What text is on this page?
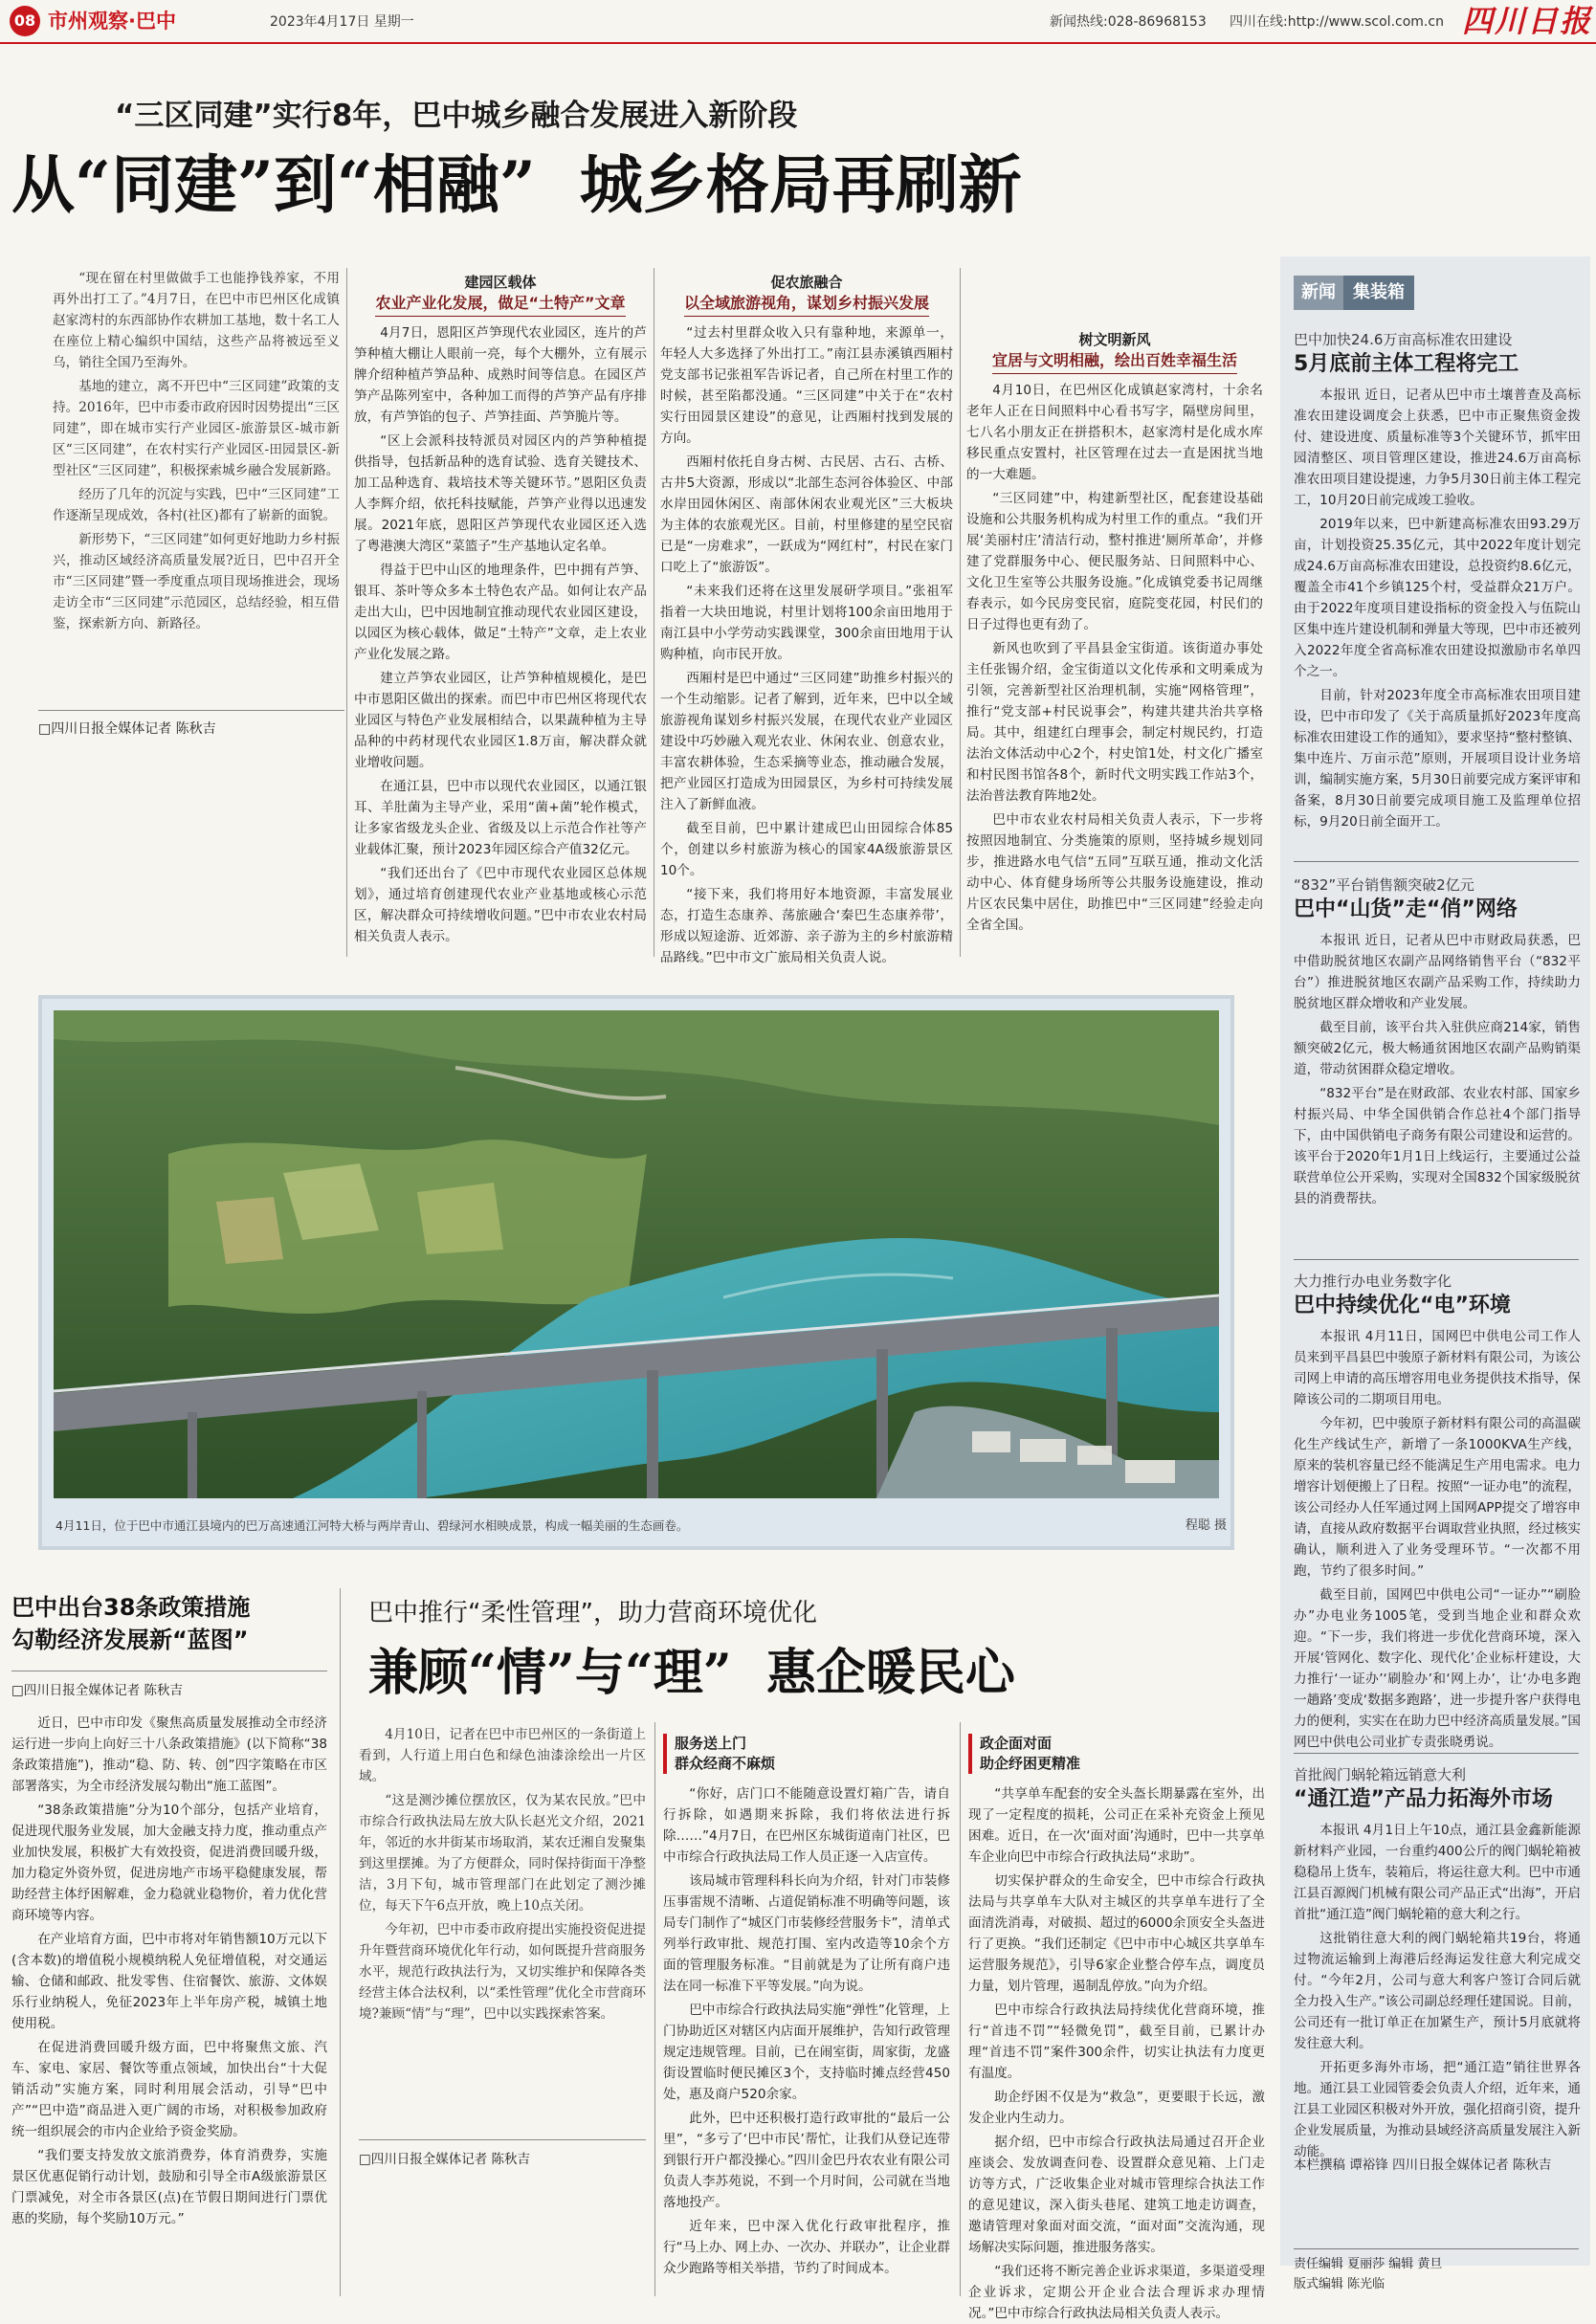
08 市州观察·巴中	2023年4月17日 星期一	新闻热线:028-86968153 四川在线:http://www.scol.com.cn 四川日报
“三区同建”实行8年，巴中城乡融合发展进入新阶段
从“同建”到“相融”  城乡格局再刷新

“现在留在村里做做手工也能挣钱养家，不用再外出打工了。”4月7日，在巴中市巴州区化成镇赵家湾村的东西部协作农耕加工基地，数十名工人在座位上精心编织中国结，这些产品将被远至义乌，销往全国乃至海外。

基地的建立，离不开巴中“三区同建”政策的支持。2016年，巴中市委市政府因时因势提出“三区同建”，即在城市实行产业园区-旅游景区-城市新区“三区同建”，在农村实行产业园区-田园景区-新型社区“三区同建”，积极探索城乡融合发展新路。

经历了几年的沉淀与实践，巴中“三区同建”工作逐渐呈现成效，各村(社区)都有了崭新的面貌。

新形势下，“三区同建”如何更好地助力乡村振兴，推动区域经济高质量发展?近日，巴中召开全市“三区同建”暨一季度重点项目现场推进会，现场走访全市“三区同建”示范园区，总结经验，相互借鉴，探索新方向、新路径。

□四川日报全媒体记者 陈秋吉
建园区载体
农业产业化发展，做足“土特产”文章

4月7日，恩阳区芦笋现代农业园区，连片的芦笋种植大棚让人眼前一亮，每个大棚外，立有展示牌介绍种植芦笋品种、成熟时间等信息。在园区芦笋产品陈列室中，各种加工而得的芦笋产品有序排放，有芦笋馅的包子、芦笋挂面、芦笋脆片等。

“区上会派科技特派员对园区内的芦笋种植提供指导，包括新品种的选育试验、选育关键技术、加工品种选育、栽培技术等关键环节。”恩阳区负责人李辉介绍，依托科技赋能，芦笋产业得以迅速发展。2021年底，恩阳区芦笋现代农业园区还入选了粤港澳大湾区“菜篮子”生产基地认定名单。

得益于巴中山区的地理条件，巴中拥有芦笋、银耳、茶叶等众多本土特色农产品。如何让农产品走出大山，巴中因地制宜推动现代农业园区建设，以园区为核心载体，做足“土特产”文章，走上农业产业化发展之路。

建立芦笋农业园区，让芦笋种植规模化，是巴中市恩阳区做出的探索。而巴中市巴州区将现代农业园区与特色产业发展相结合，以果蔬种植为主导品种的中药材现代农业园区1.8万亩，解决群众就业增收问题。

在通江县，巴中市以现代农业园区，以通江银耳、羊肚菌为主导产业，采用“菌+菌”轮作模式，让多家省级龙头企业、省级及以上示范合作社等产业载体汇聚，预计2023年园区综合产值32亿元。

“我们还出台了《巴中市现代农业园区总体规划》，通过培育创建现代农业产业基地或核心示范区，解决群众可持续增收问题。”巴中市农业农村局相关负责人表示。

促农旅融合
以全域旅游视角，谋划乡村振兴发展

“过去村里群众收入只有靠种地，来源单一，年轻人大多选择了外出打工。”南江县赤溪镇西厢村党支部书记张祖军告诉记者，自己所在村里工作的时候，甚至陷都没通。“三区同建”中关于在“农村实行田园景区建设”的意见，让西厢村找到发展的方向。

西厢村依托自身古树、古民居、古石、古桥、古井5大资源，形成以“北部生态河谷体验区、中部水岸田园休闲区、南部休闲农业观光区”三大板块为主体的农旅观光区。目前，村里修建的星空民宿已是“一房难求”，一跃成为“网红村”，村民在家门口吃上了“旅游饭”。

“未来我们还将在这里发展研学项目。”张祖军指着一大块田地说，村里计划将100余亩田地用于南江县中小学劳动实践课堂，300余亩田地用于认购种植，向市民开放。

西厢村是巴中通过“三区同建”助推乡村振兴的一个生动缩影。记者了解到，近年来，巴中以全域旅游视角谋划乡村振兴发展，在现代农业产业园区建设中巧妙融入观光农业、休闲农业、创意农业，丰富农耕体验，生态采摘等业态，推动融合发展，把产业园区打造成为田园景区，为乡村可持续发展注入了新鲜血液。

截至目前，巴中累计建成巴山田园综合体85个，创建以乡村旅游为核心的国家4A级旅游景区10个。

“接下来，我们将用好本地资源，丰富发展业态，打造生态康养、荡旅融合‘秦巴生态康养带’，形成以短途游、近郊游、亲子游为主的乡村旅游精品路线。”巴中市文广旅局相关负责人说。

树文明新风
宜居与文明相融，绘出百姓幸福生活

4月10日，在巴州区化成镇赵家湾村，十余名老年人正在日间照料中心看书写字，隔壁房间里，七八名小朋友正在拼搭积木，赵家湾村是化成水库移民重点安置村，社区管理在过去一直是困扰当地的一大难题。

“三区同建”中，构建新型社区，配套建设基础设施和公共服务机构成为村里工作的重点。“我们开展‘美丽村庄’清洁行动，整村推进‘厕所革命’，并修建了党群服务中心、便民服务站、日间照料中心、文化卫生室等公共服务设施。”化成镇党委书记周继春表示，如今民房变民宿，庭院变花园，村民们的日子过得也更有劲了。

新风也吹到了平昌县金宝街道。该街道办事处主任张锡介绍，金宝街道以文化传承和文明乘成为引领，完善新型社区治理机制，实施“网格管理”，推行“党支部+村民说事会”，构建共建共治共享格局。其中，组建红白理事会，制定村规民约，打造法治文体活动中心2个，村史馆1处，村文化广播室和村民图书馆各8个，新时代文明实践工作站3个，法治普法教育阵地2处。

巴中市农业农村局相关负责人表示，下一步将按照因地制宜、分类施策的原则，坚持城乡规划同步，推进路水电气信“五同”互联互通，推动文化活动中心、体育健身场所等公共服务设施建设，推动片区农民集中居住，助推巴中“三区同建”经验走向全省全国。

4月11日，位于巴中市通江县境内的巴万高速通江河特大桥与两岸青山、碧绿河水相映成景，构成一幅美丽的生态画卷。	程聪 摄
新闻	集装箱
巴中加快24.6万亩高标准农田建设
5月底前主体工程将完工

本报讯 近日，记者从巴中市土壤普查及高标准农田建设调度会上获悉，巴中市正聚焦资金拨付、建设进度、质量标准等3个关键环节，抓牢田园清整区、项目管理区建设，推进24.6万亩高标准农田项目建设提速，力争5月30日前主体工程完工，10月20日前完成竣工验收。

2019年以来，巴中新建高标准农田93.29万亩，计划投资25.35亿元，其中2022年度计划完成24.6万亩高标准农田建设，总投资约8.6亿元，覆盖全市41个乡镇125个村，受益群众21万户。由于2022年度项目建设指标的资金投入与伍院山区集中连片建设机制和弹量大等现，巴中市还被列入2022年度全省高标准农田建设拟激励市名单四个之一。

目前，针对2023年度全市高标准农田项目建设，巴中市印发了《关于高质量抓好2023年度高标准农田建设工作的通知》，要求坚持“整村整镇、集中连片、万亩示范”原则，开展项目设计业务培训，编制实施方案，5月30日前要完成方案评审和备案，8月30日前要完成项目施工及监理单位招标，9月20日前全面开工。

“832”平台销售额突破2亿元
巴中“山货”走“俏”网络

本报讯 近日，记者从巴中市财政局获悉，巴中借助脱贫地区农副产品网络销售平台（“832平台”）推进脱贫地区农副产品采购工作，持续助力脱贫地区群众增收和产业发展。

截至目前，该平台共入驻供应商214家，销售额突破2亿元，极大畅通贫困地区农副产品购销渠道，带动贫困群众稳定增收。

“832平台”是在财政部、农业农村部、国家乡村振兴局、中华全国供销合作总社4个部门指导下，由中国供销电子商务有限公司建设和运营的。该平台于2020年1月1日上线运行，主要通过公益联营单位公开采购，实现对全国832个国家级脱贫县的消费帮扶。

大力推行办电业务数字化
巴中持续优化“电”环境

本报讯 4月11日，国网巴中供电公司工作人员来到平昌县巴中骏原子新材料有限公司，为该公司网上申请的高压增容用电业务提供技术指导，保障该公司的二期项目用电。

今年初，巴中骏原子新材料有限公司的高温碳化生产线试生产，新增了一条1000KVA生产线，原来的装机容量已经不能满足生产用电需求。电力增容计划便搬上了日程。按照“一证办电”的流程，该公司经办人任军通过网上国网APP提交了增容申请，直接从政府数据平台调取营业执照，经过核实确认，顺利进入了业务受理环节。“一次都不用跑，节约了很多时间。”

截至目前，国网巴中供电公司“一证办”“刷脸办”办电业务1005笔，受到当地企业和群众欢迎。“下一步，我们将进一步优化营商环境，深入开展‘管网化、数字化、现代化’企业标杆建设，大力推行‘一证办’‘刷脸办’和‘网上办’，让‘办电多跑一趟路’变成‘数据多跑路’，进一步提升客户获得电力的便利，实实在在助力巴中经济高质量发展。”国网巴中供电公司业扩专责张晓勇说。

首批阀门蜗轮箱远销意大利
“通江造”产品力拓海外市场

本报讯 4月1日上午10点，通江县金鑫新能源新材料产业园，一台重约400公斤的阀门蜗轮箱被稳稳吊上货车，装箱后，将运往意大利。巴中市通江县百源阀门机械有限公司产品正式“出海”，开启首批“通江造”阀门蜗轮箱的意大利之行。

这批销往意大利的阀门蜗轮箱共19台，将通过物流运输到上海港后经海运发往意大利完成交付。“今年2月，公司与意大利客户签订合同后就全力投入生产。”该公司副总经理任建国说。目前，公司还有一批订单正在加紧生产，预计5月底就将发往意大利。

开拓更多海外市场，把“通江造”销往世界各地。通江县工业园管委会负责人介绍，近年来，通江县工业园区积极对外开放，强化招商引资，提升企业发展质量，为推动县域经济高质量发展注入新动能。

本栏撰稿 谭裕锋 四川日报全媒体记者 陈秋吉
责任编辑 夏丽莎 编辑 黄旦
版式编辑 陈光临
巴中出台38条政策措施
勾勒经济发展新“蓝图”
□四川日报全媒体记者 陈秋吉

近日，巴中市印发《聚焦高质量发展推动全市经济运行进一步向上向好三十八条政策措施》(以下简称“38条政策措施”)，推动“稳、防、转、创”四字策略在市区部署落实，为全市经济发展勾勒出“施工蓝图”。

“38条政策措施”分为10个部分，包括产业培育，促进现代服务业发展，加大金融支持力度，推动重点产业加快发展，积极扩大有效投资，促进消费回暖升级，加力稳定外资外贸，促进房地产市场平稳健康发展，帮助经营主体纾困解难，金力稳就业稳物价，着力优化营商环境等内容。

在产业培育方面，巴中市将对年销售额10万元以下(含本数)的增值税小规模纳税人免征增值税，对交通运输、仓储和邮政、批发零售、住宿餐饮、旅游、文体娱乐行业纳税人，免征2023年上半年房产税，城镇土地使用税。

在促进消费回暖升级方面，巴中将聚焦文旅、汽车、家电、家居、餐饮等重点领域，加快出台“十大促销活动”实施方案，同时利用展会活动，引导“巴中产”“巴中造”商品进入更广阔的市场，对积极参加政府统一组织展会的市内企业给予资金奖励。

“我们要支持发放文旅消费券，体育消费券，实施景区优惠促销行动计划，鼓励和引导全市A级旅游景区门票减免，对全市各景区(点)在节假日期间进行门票优惠的奖励，每个奖励10万元。”

巴中推行“柔性管理”，助力营商环境优化
兼顾“情”与“理”  惠企暖民心

4月10日，记者在巴中市巴州区的一条街道上看到，人行道上用白色和绿色油漆涂绘出一片区域。

“这是测沙摊位摆放区，仅为某农民放。”巴中市综合行政执法局左放大队长赵光文介绍，2021年，邻近的水井街某市场取消，某农迁湘自发聚集到这里摆摊。为了方便群众，同时保持街面干净整洁，3月下旬，城市管理部门在此划定了测沙摊位，每天下午6点开放，晚上10点关闭。

今年初，巴中市委市政府提出实施投资促进提升年暨营商环境优化年行动，如何既提升营商服务水平，规范行政执法行为，又切实维护和保障各类经营主体合法权利，以“柔性管理”优化全市营商环境?兼顾“情”与“理”，巴中以实践探索答案。

□四川日报全媒体记者 陈秋吉
服务送上门
群众经商不麻烦

“你好，店门口不能随意设置灯箱广告，请自行拆除，如遇期来拆除，我们将依法进行拆除……”4月7日，在巴州区东城街道南门社区，巴中市综合行政执法局工作人员正逐一入店宣传。

该局城市管理科科长向为介绍，针对门市装修压事雷规不清晰、占道促销标准不明确等问题，该局专门制作了“城区门市装修经营服务卡”，清单式列举行政审批、规范打围、室内改造等10余个方面的管理服务标准。“目前就是为了让所有商户违法在同一标准下平等发展。”向为说。

巴中市综合行政执法局实施“弹性”化管理，上门协助近区对辖区内店面开展维护，告知行政管理规定违规管理。目前，已在闹室街，周家街，龙盛街设置临时便民摊区3个，支持临时摊点经营450处，惠及商户520余家。

此外，巴中还积极打造行政审批的“最后一公里”，“多亏了‘巴中市民’帮忙，让我们从登记连带到银行开户都没操心。”四川金巴丹农农业有限公司负责人李苏苑说，不到一个月时间，公司就在当地落地投产。

近年来，巴中深入优化行政审批程序，推行“马上办、网上办、一次办、并联办”，让企业群众少跑路等相关举措，节约了时间成本。

政企面对面
助企纾困更精准

“共享单车配套的安全头盔长期暴露在室外，出现了一定程度的损耗，公司正在采补充资金上预见困难。近日，在一次‘面对面’沟通时，巴中一共享单车企业向巴中市综合行政执法局“求助”。

切实保护群众的生命安全，巴中市综合行政执法局与共享单车大队对主城区的共享单车进行了全面清洗消毒，对破损、超过的6000余顶安全头盔进行了更换。“我们还制定《巴中市中心城区共享单车运营服务规范》，引导6家企业整合停车点，调度员力量，划片管理，遏制乱停放。”向为介绍。

巴中市综合行政执法局持续优化营商环境，推行“首违不罚”“轻微免罚”，截至目前，已累计办理“首违不罚”案件300余件，切实让执法有力度更有温度。

助企纾困不仅是为“救急”，更要眼于长远，激发企业内生动力。

据介绍，巴中市综合行政执法局通过召开企业座谈会、发放调查问卷、设置群众意见箱、上门走访等方式，广泛收集企业对城市管理综合执法工作的意见建议，深入街头巷尾、建筑工地走访调查，邀请管理对象面对面交流，“面对面”交流沟通，现场解决实际问题，推进服务落实。

“我们还将不断完善企业诉求渠道，多渠道受理企业诉求，定期公开企业合法合理诉求办理情况。”巴中市综合行政执法局相关负责人表示。
